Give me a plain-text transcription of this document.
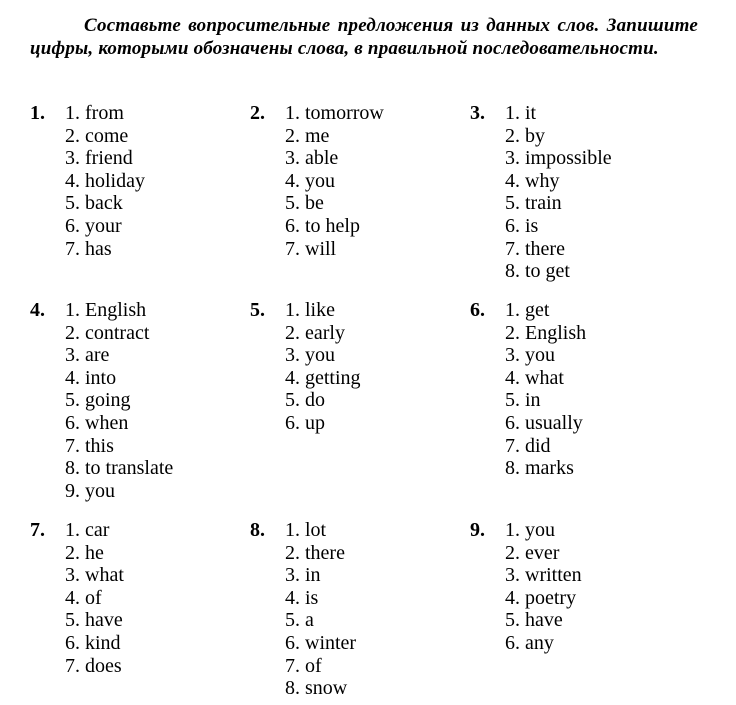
Составьте вопросительные предложения из данных слов. Запишите цифры, которыми обозначены слова, в правильной последовательности.

1. 1. from
2. come
3. friend
4. holiday
5. back
6. your
7. has
2. 1. tomorrow
2. me
3. able
4. you
5. be
6. to help
7. will
3. 1. it
2. by
3. impossible
4. why
5. train
6. is
7. there
8. to get
4. 1. English
2. contract
3. are
4. into
5. going
6. when
7. this
8. to translate
9. you
5. 1. like
2. early
3. you
4. getting
5. do
6. up
6. 1. get
2. English
3. you
4. what
5. in
6. usually
7. did
8. marks
7. 1. car
2. he
3. what
4. of
5. have
6. kind
7. does
8. 1. lot
2. there
3. in
4. is
5. a
6. winter
7. of
8. snow
9. 1. you
2. ever
3. written
4. poetry
5. have
6. any
